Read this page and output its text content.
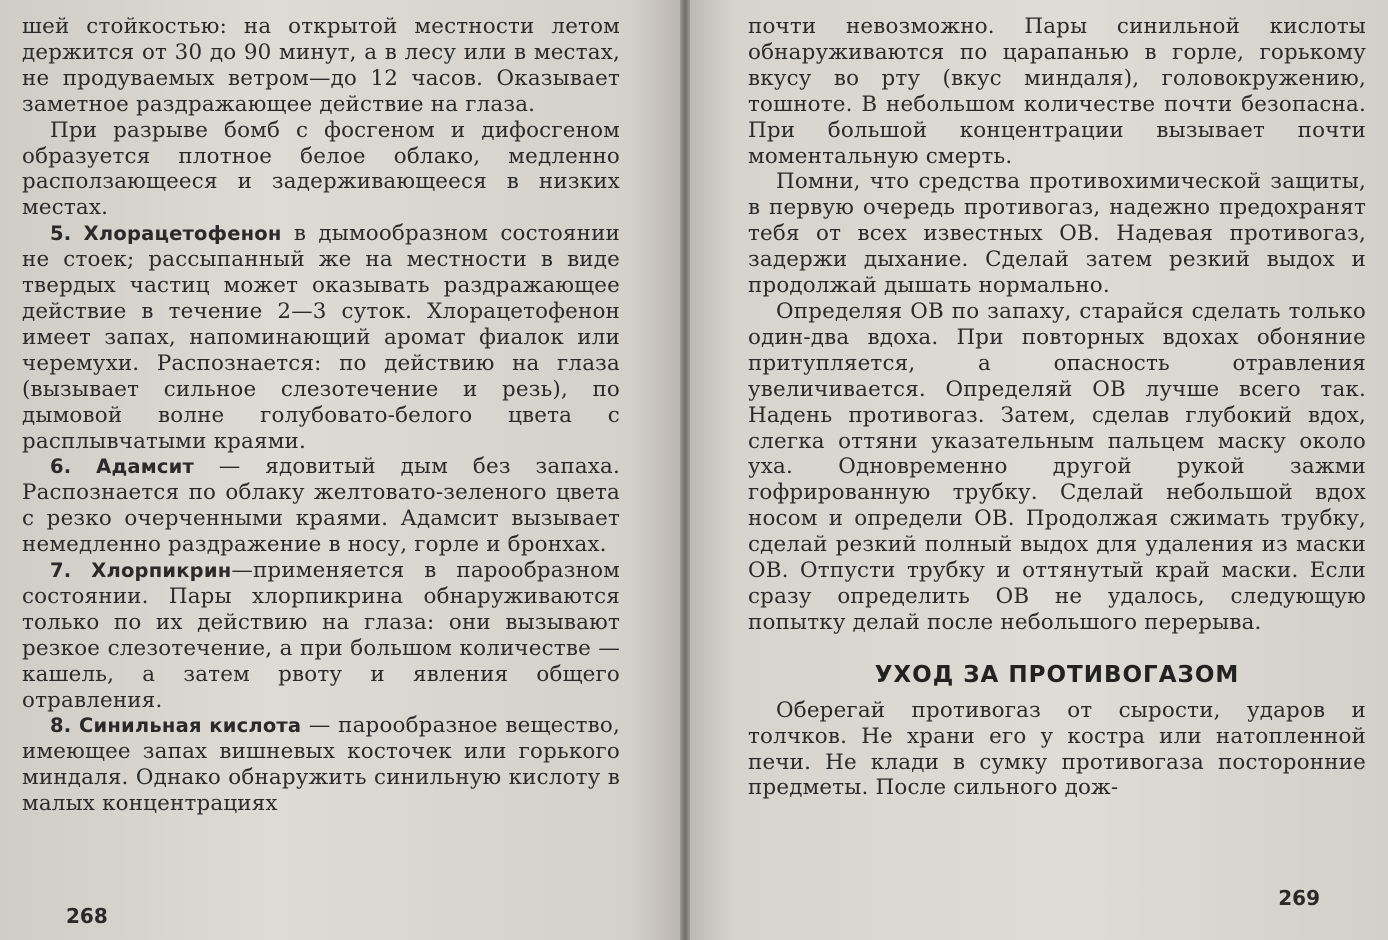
шей стойкостью: на открытой местности летом держится от 30 до 90 минут, а в лесу или в местах, не продуваемых ветром—до 12 часов. Оказывает заметное раздражающее действие на глаза.

При разрыве бомб с фосгеном и дифосгеном образуется плотное белое облако, медленно расползающееся и задерживающееся в низких местах.

5. Хлорацетофенон в дымообразном состоянии не стоек; рассыпанный же на местности в виде твердых частиц может оказывать раздражающее действие в течение 2—3 суток. Хлорацетофенон имеет запах, напоминающий аромат фиалок или черемухи. Распознается: по действию на глаза (вызывает сильное слезотечение и резь), по дымовой волне голубовато-белого цвета с расплывчатыми краями.

6. Адамсит — ядовитый дым без запаха. Распознается по облаку желтовато-зеленого цвета с резко очерченными краями. Адамсит вызывает немедленно раздражение в носу, горле и бронхах.

7. Хлорпикрин—применяется в парообразном состоянии. Пары хлорпикрина обнаруживаются только по их действию на глаза: они вызывают резкое слезотечение, а при большом количестве — кашель, а затем рвоту и явления общего отравления.

8. Синильная кислота — парообразное вещество, имеющее запах вишневых косточек или горького миндаля. Однако обнаружить синильную кислоту в малых концентрациях

268

почти невозможно. Пары синильной кислоты обнаруживаются по царапанью в горле, горькому вкусу во рту (вкус миндаля), головокружению, тошноте. В небольшом количестве почти безопасна. При большой концентрации вызывает почти моментальную смерть.

Помни, что средства противохимической защиты, в первую очередь противогаз, надежно предохранят тебя от всех известных ОВ. Надевая противогаз, задержи дыхание. Сделай затем резкий выдох и продолжай дышать нормально.

Определяя ОВ по запаху, старайся сделать только один-два вдоха. При повторных вдохах обоняние притупляется, а опасность отравления увеличивается. Определяй ОВ лучше всего так. Надень противогаз. Затем, сделав глубокий вдох, слегка оттяни указательным пальцем маску около уха. Одновременно другой рукой зажми гофрированную трубку. Сделай небольшой вдох носом и определи ОВ. Продолжая сжимать трубку, сделай резкий полный выдох для удаления из маски ОВ. Отпусти трубку и оттянутый край маски. Если сразу определить ОВ не удалось, следующую попытку делай после небольшого перерыва.

УХОД ЗА ПРОТИВОГАЗОМ

Оберегай противогаз от сырости, ударов и толчков. Не храни его у костра или натопленной печи. Не клади в сумку противогаза посторонние предметы. После сильного дож-

269
